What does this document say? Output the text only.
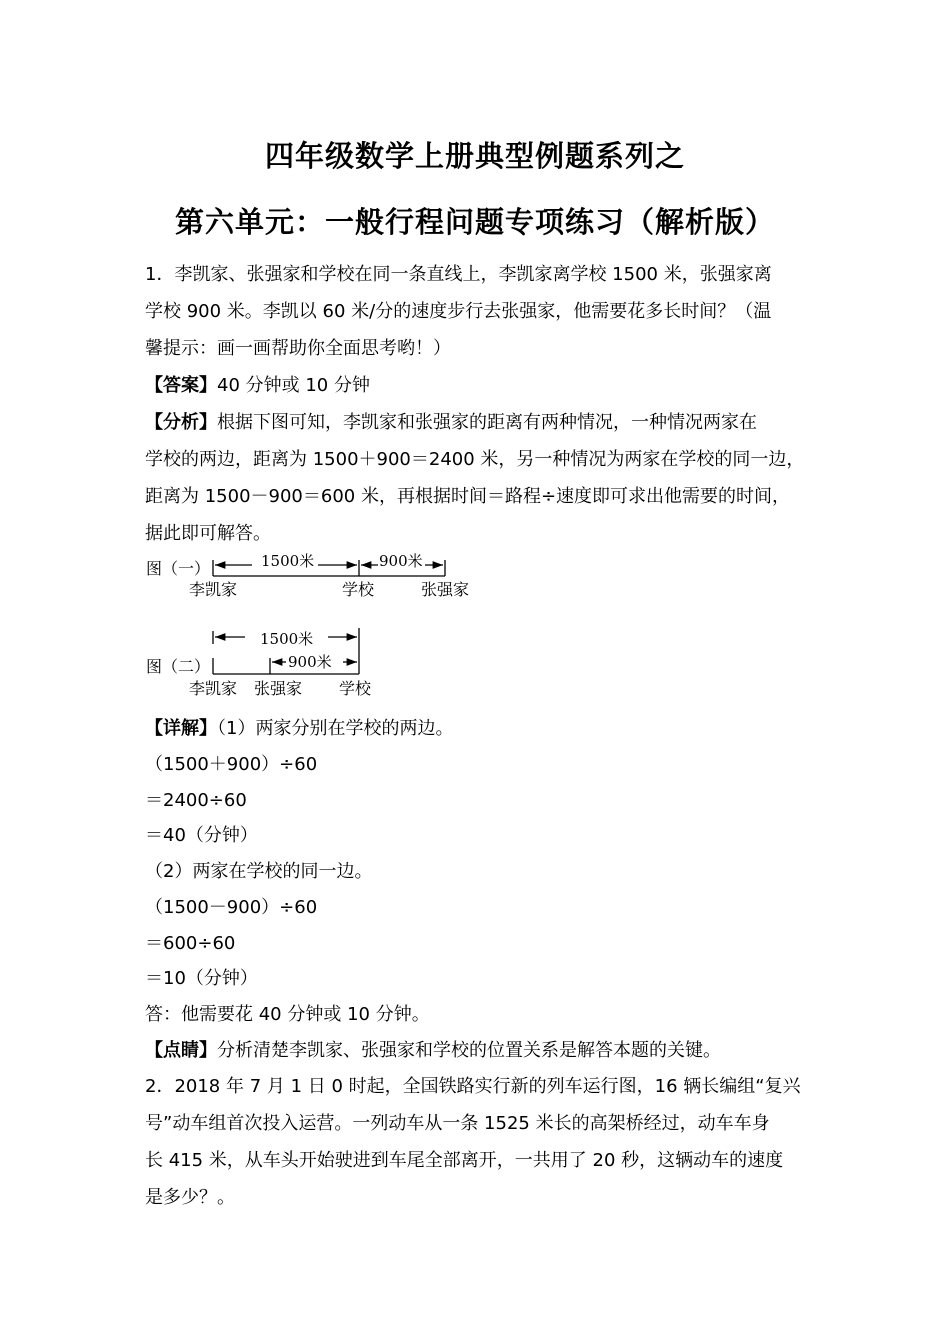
四年级数学上册典型例题系列之
第六单元：一般行程问题专项练习（解析版）
1．李凯家、张强家和学校在同一条直线上，李凯家离学校 1500 米，张强家离
学校 900 米。李凯以 60 米/分的速度步行去张强家，他需要花多长时间？（温
馨提示：画一画帮助你全面思考哟！）
【答案】40 分钟或 10 分钟
【分析】根据下图可知，李凯家和张强家的距离有两种情况，一种情况两家在
学校的两边，距离为 1500＋900＝2400 米，另一种情况为两家在学校的同一边，
距离为 1500－900＝600 米，再根据时间＝路程÷速度即可求出他需要的时间，
据此即可解答。
图（一）	1500米	900米
李凯家	学校	张强家
图（二）
1500米
900米
李凯家 张强家 学校
【详解】（1）两家分别在学校的两边。
（1500＋900）÷60
＝2400÷60
＝40（分钟）
（2）两家在学校的同一边。
（1500－900）÷60
＝600÷60
＝10（分钟）
答：他需要花 40 分钟或 10 分钟。
【点睛】分析清楚李凯家、张强家和学校的位置关系是解答本题的关键。
2．2018 年 7 月 1 日 0 时起，全国铁路实行新的列车运行图，16 辆长编组“复兴
号”动车组首次投入运营。一列动车从一条 1525 米长的高架桥经过，动车车身
长 415 米，从车头开始驶进到车尾全部离开，一共用了 20 秒，这辆动车的速度
是多少？。
